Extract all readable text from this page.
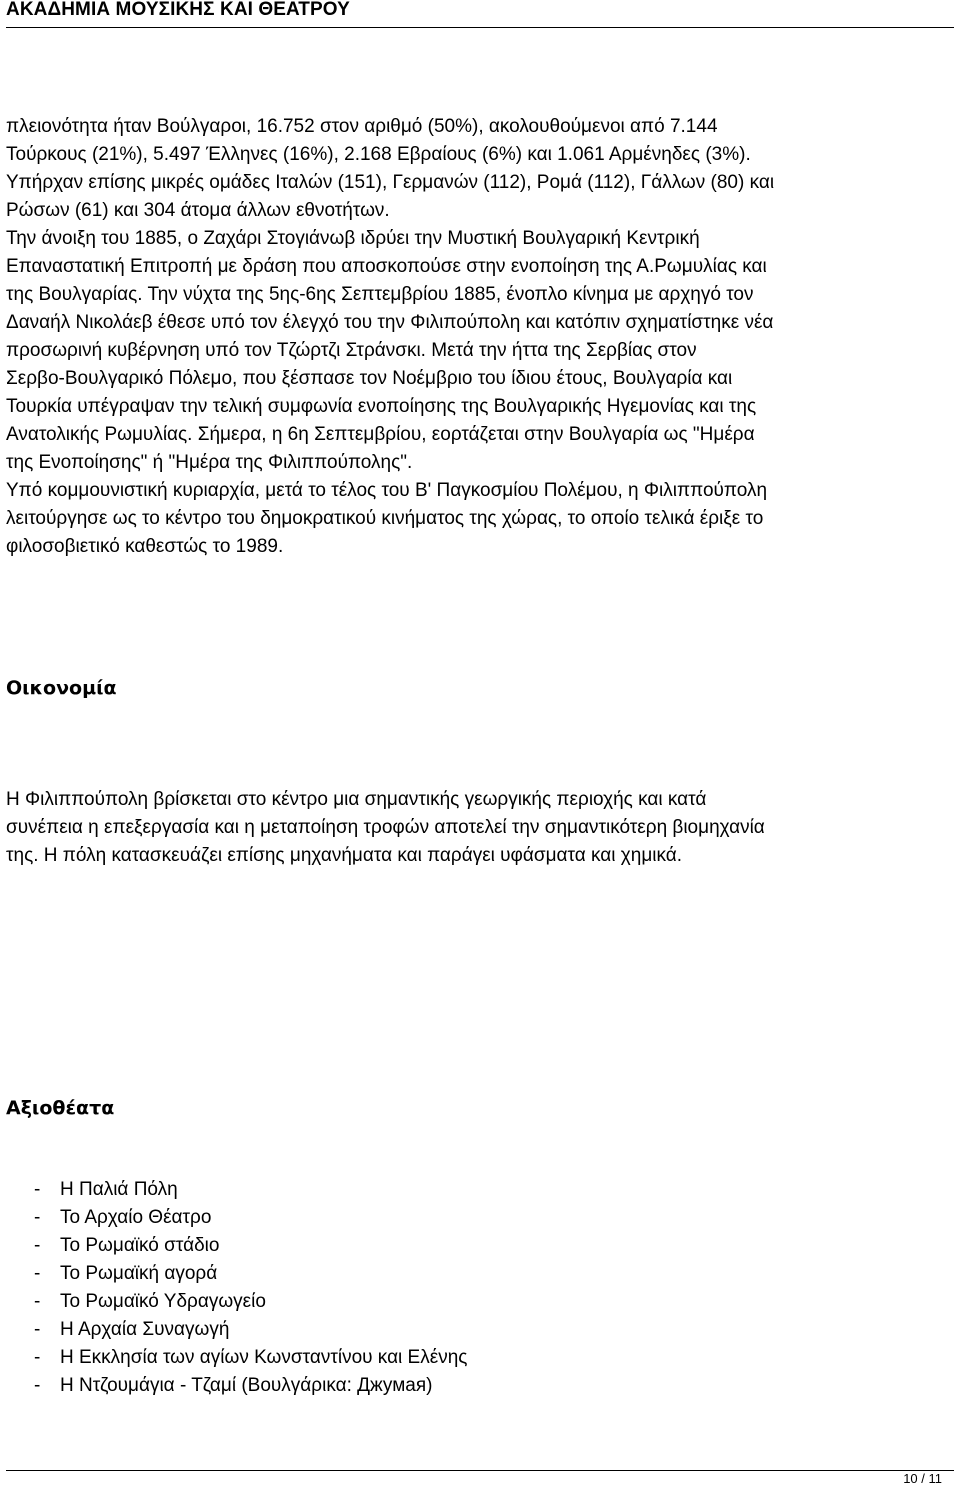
ΑΚΑΔΗΜΙΑ ΜΟΥΣΙΚΗΣ ΚΑΙ ΘΕΑΤΡΟΥ
πλειονότητα ήταν Βούλγαροι, 16.752 στον αριθμό (50%), ακολουθούμενοι από 7.144
Τούρκους (21%), 5.497 Έλληνες (16%), 2.168 Εβραίους (6%) και 1.061 Αρμένηδες (3%).
Υπήρχαν επίσης μικρές ομάδες Ιταλών (151), Γερμανών (112), Ρομά (112), Γάλλων (80) και
Ρώσων (61) και 304 άτομα άλλων εθνοτήτων.
Την άνοιξη του 1885, ο Ζαχάρι Στογιάνωβ ιδρύει την Μυστική Βουλγαρική Κεντρική
Επαναστατική Επιτροπή με δράση που αποσκοπούσε στην ενοποίηση της Α.Ρωμυλίας και
της Βουλγαρίας. Την νύχτα της 5ης-6ης Σεπτεμβρίου 1885, ένοπλο κίνημα με αρχηγό τον
Δαναήλ Νικολάεβ έθεσε υπό τον έλεγχό του την Φιλιπούπολη και κατόπιν σχηματίστηκε νέα
προσωρινή κυβέρνηση υπό τον Τζώρτζι Στράνσκι. Μετά την ήττα της Σερβίας στον
Σερβο-Βουλγαρικό Πόλεμο, που ξέσπασε τον Νοέμβριο του ίδιου έτους, Βουλγαρία και
Τουρκία υπέγραψαν την τελική συμφωνία ενοποίησης της Βουλγαρικής Ηγεμονίας και της
Ανατολικής Ρωμυλίας. Σήμερα, η 6η Σεπτεμβρίου, εορτάζεται στην Βουλγαρία ως "Ημέρα
της Ενοποίησης" ή "Ημέρα της Φιλιππούπολης".
Υπό κομμουνιστική κυριαρχία, μετά το τέλος του Β' Παγκοσμίου Πολέμου, η Φιλιππούπολη
λειτούργησε ως το κέντρο του δημοκρατικού κινήματος της χώρας, το οποίο τελικά έριξε το
φιλοσοβιετικό καθεστώς το 1989.
Οικονομία
Η Φιλιππούπολη βρίσκεται στο κέντρο μια σημαντικής γεωργικής περιοχής και κατά
συνέπεια η επεξεργασία και η μεταποίηση τροφών αποτελεί την σημαντικότερη βιομηχανία
της. Η πόλη κατασκευάζει επίσης μηχανήματα και παράγει υφάσματα και χημικά.
Αξιοθέατα
- Η Παλιά Πόλη
- Το Αρχαίο Θέατρο
- Το Ρωμαϊκό στάδιο
- Το Ρωμαϊκή αγορά
- Το Ρωμαϊκό Υδραγωγείο
- Η Αρχαία Συναγωγή
- Η Εκκλησία των αγίων Κωνσταντίνου και Ελένης
- Η Ντζουμάγια - Τζαμί (Βουλγάρικα: Джумая)
10 / 11
